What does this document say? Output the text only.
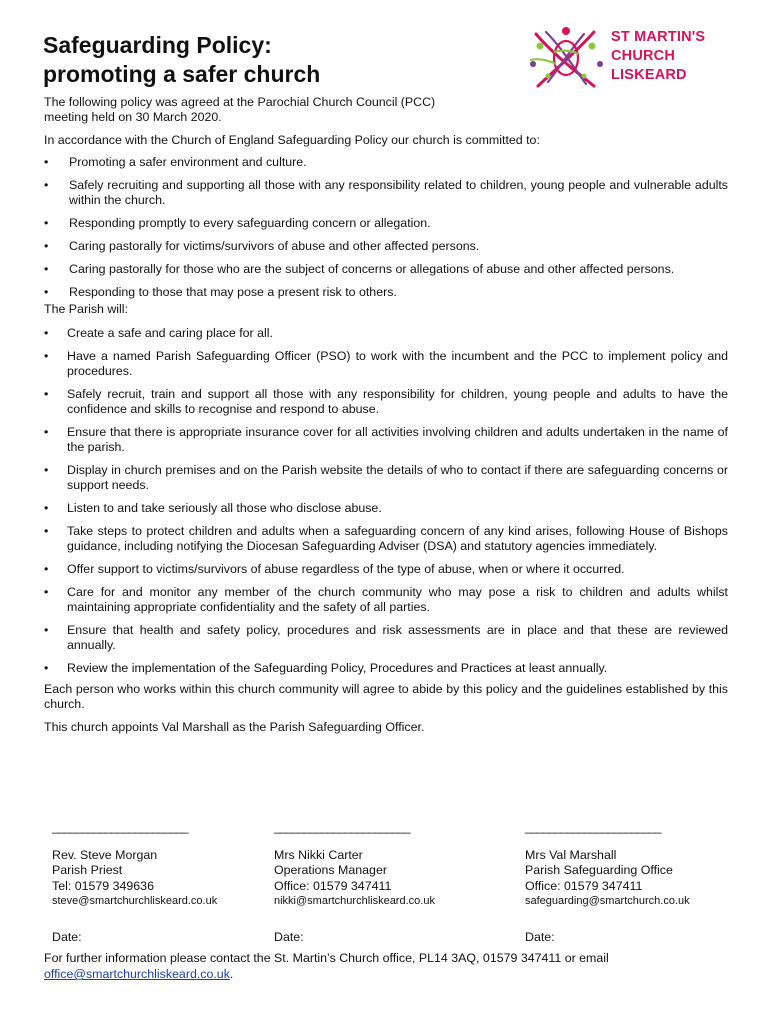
Safeguarding Policy:
promoting a safer church
ST MARTIN'S
CHURCH
LISKEARD

The following policy was agreed at the Parochial Church Council (PCC)
meeting held on 30 March 2020.

In accordance with the Church of England Safeguarding Policy our church is committed to:

• Promoting a safer environment and culture.
• Safely recruiting and supporting all those with any responsibility related to children, young people and vulnerable adults within the church.
• Responding promptly to every safeguarding concern or allegation.
• Caring pastorally for victims/survivors of abuse and other affected persons.
• Caring pastorally for those who are the subject of concerns or allegations of abuse and other affected persons.
• Responding to those that may pose a present risk to others.

The Parish will:

• Create a safe and caring place for all.
• Have a named Parish Safeguarding Officer (PSO) to work with the incumbent and the PCC to implement policy and procedures.
• Safely recruit, train and support all those with any responsibility for children, young people and adults to have the confidence and skills to recognise and respond to abuse.
• Ensure that there is appropriate insurance cover for all activities involving children and adults undertaken in the name of the parish.
• Display in church premises and on the Parish website the details of who to contact if there are safeguarding concerns or support needs.
• Listen to and take seriously all those who disclose abuse.
• Take steps to protect children and adults when a safeguarding concern of any kind arises, following House of Bishops guidance, including notifying the Diocesan Safeguarding Adviser (DSA) and statutory agencies immediately.
• Offer support to victims/survivors of abuse regardless of the type of abuse, when or where it occurred.
• Care for and monitor any member of the church community who may pose a risk to children and adults whilst maintaining appropriate confidentiality and the safety of all parties.
• Ensure that health and safety policy, procedures and risk assessments are in place and that these are reviewed annually.
• Review the implementation of the Safeguarding Policy, Procedures and Practices at least annually.

Each person who works within this church community will agree to abide by this policy and the guidelines established by this church.

This church appoints Val Marshall as the Parish Safeguarding Officer.

_______________________
Rev. Steve Morgan
Parish Priest
Tel: 01579 349636
steve@smartchurchliskeard.co.uk
Date:
_______________________
Mrs Nikki Carter
Operations Manager
Office: 01579 347411
nikki@smartchurchliskeard.co.uk
Date:
_______________________
Mrs Val Marshall
Parish Safeguarding Office
Office: 01579 347411
safeguarding@smartchurch.co.uk
Date:
For further information please contact the St. Martin’s Church office, PL14 3AQ, 01579 347411 or email office@smartchurchliskeard.co.uk.
